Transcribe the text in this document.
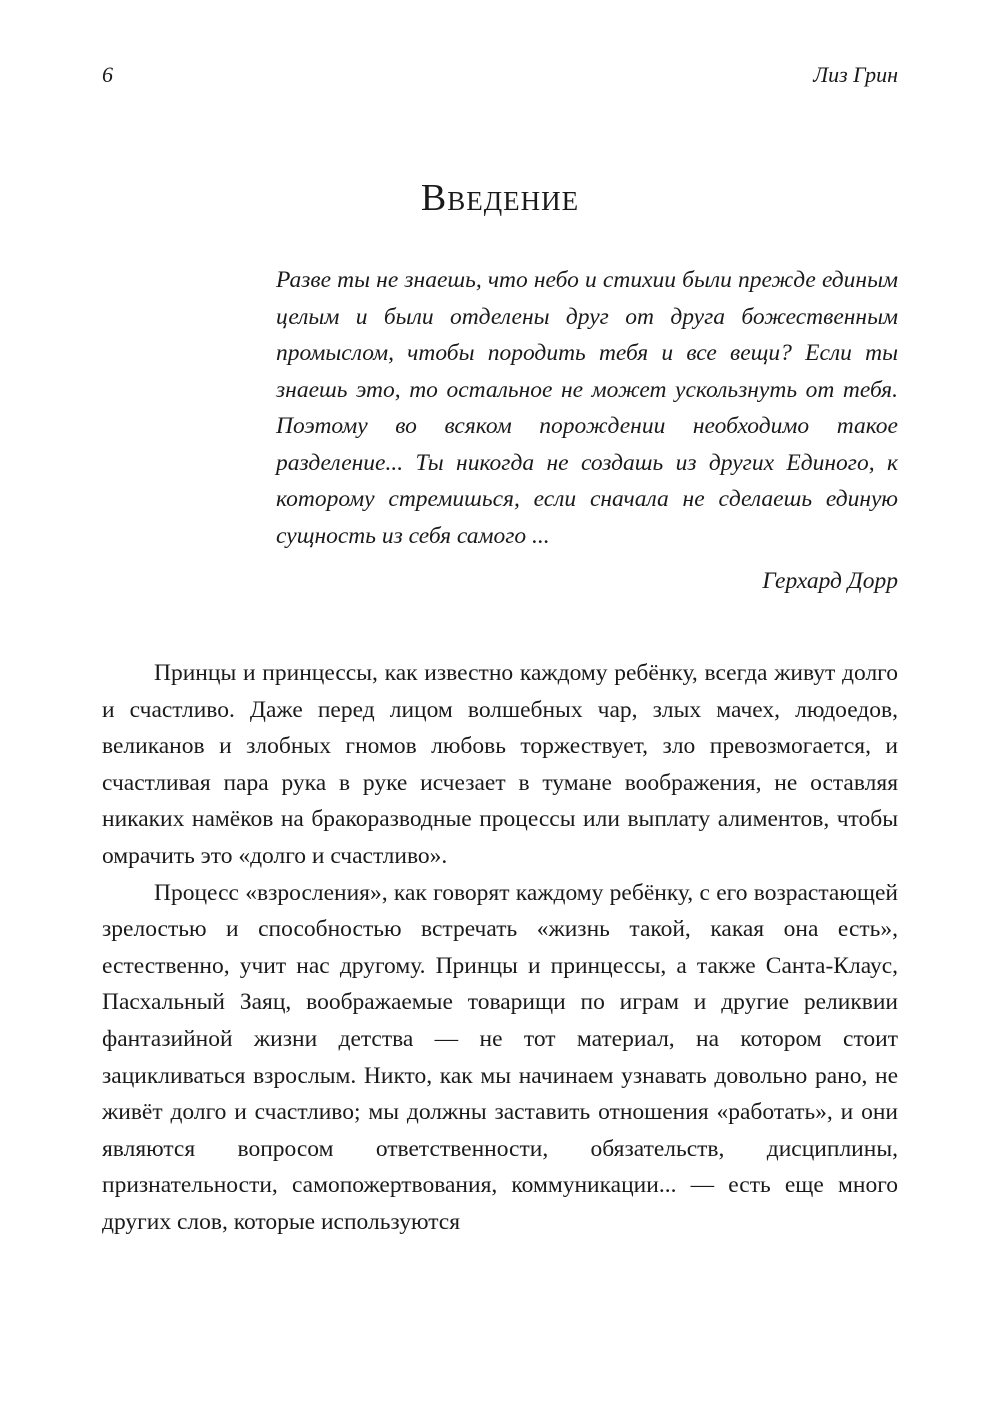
6	Лиз Грин
Введение
Разве ты не знаешь, что небо и стихии были прежде единым целым и были отделены друг от друга божественным промыслом, чтобы породить тебя и все вещи? Если ты знаешь это, то остальное не может ускользнуть от тебя. Поэтому во всяком порождении необходимо такое разделение... Ты никогда не создашь из других Единого, к которому стремишься, если сначала не сделаешь единую сущность из себя самого ...
Герхард Дорр

Принцы и принцессы, как известно каждому ребёнку, всегда живут долго и счастливо. Даже перед лицом волшебных чар, злых мачех, людоедов, великанов и злобных гномов любовь торжествует, зло превозмогается, и счастливая пара рука в руке исчезает в тумане воображения, не оставляя никаких намёков на бракоразводные процессы или выплату алиментов, чтобы омрачить это «долго и счастливо».

Процесс «взросления», как говорят каждому ребёнку, с его возрастающей зрелостью и способностью встречать «жизнь такой, какая она есть», естественно, учит нас другому. Принцы и принцессы, а также Санта-Клаус, Пасхальный Заяц, воображаемые товарищи по играм и другие реликвии фантазийной жизни детства — не тот материал, на котором стоит зацикливаться взрослым. Никто, как мы начинаем узнавать довольно рано, не живёт долго и счастливо; мы должны заставить отношения «работать», и они являются вопросом ответственности, обязательств, дисциплины, признательности, самопожертвования, коммуникации... — есть еще много других слов, которые используются
